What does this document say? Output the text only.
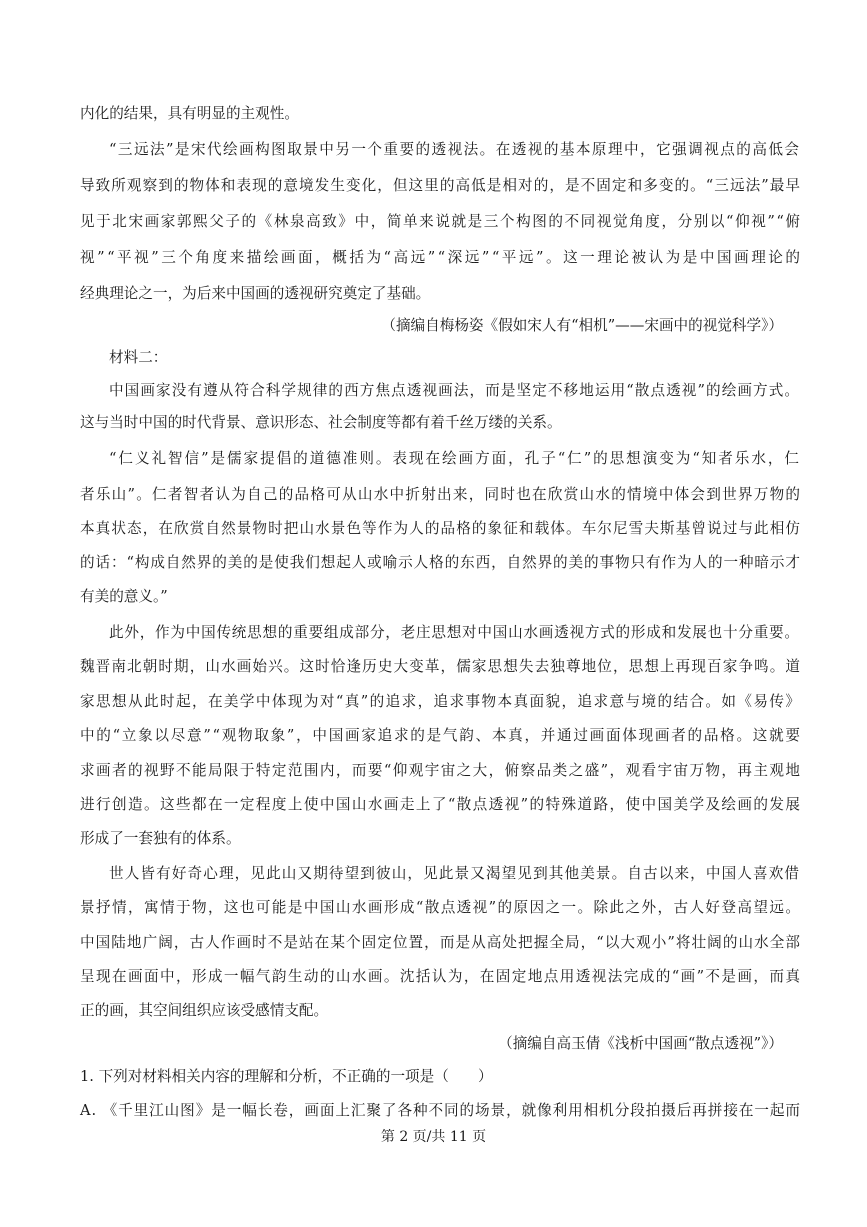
内化的结果，具有明显的主观性。
“三远法”是宋代绘画构图取景中另一个重要的透视法。在透视的基本原理中，它强调视点的高低会
导致所观察到的物体和表现的意境发生变化，但这里的高低是相对的，是不固定和多变的。“三远法”最早
见于北宋画家郭熙父子的《林泉高致》中，简单来说就是三个构图的不同视觉角度，分别以“仰视”“俯
视”“平视”三个角度来描绘画面，概括为“高远”“深远”“平远”。这一理论被认为是中国画理论的
经典理论之一，为后来中国画的透视研究奠定了基础。
（摘编自梅杨姿《假如宋人有“相机”——宋画中的视觉科学》）
材料二：
中国画家没有遵从符合科学规律的西方焦点透视画法，而是坚定不移地运用“散点透视”的绘画方式。
这与当时中国的时代背景、意识形态、社会制度等都有着千丝万缕的关系。
“仁义礼智信”是儒家提倡的道德准则。表现在绘画方面，孔子“仁”的思想演变为“知者乐水，仁
者乐山”。仁者智者认为自己的品格可从山水中折射出来，同时也在欣赏山水的情境中体会到世界万物的
本真状态，在欣赏自然景物时把山水景色等作为人的品格的象征和载体。车尔尼雪夫斯基曾说过与此相仿
的话：“构成自然界的美的是使我们想起人或喻示人格的东西，自然界的美的事物只有作为人的一种暗示才
有美的意义。”
此外，作为中国传统思想的重要组成部分，老庄思想对中国山水画透视方式的形成和发展也十分重要。
魏晋南北朝时期，山水画始兴。这时恰逢历史大变革，儒家思想失去独尊地位，思想上再现百家争鸣。道
家思想从此时起，在美学中体现为对“真”的追求，追求事物本真面貌，追求意与境的结合。如《易传》
中的“立象以尽意”“观物取象”，中国画家追求的是气韵、本真，并通过画面体现画者的品格。这就要
求画者的视野不能局限于特定范围内，而要“仰观宇宙之大，俯察品类之盛”，观看宇宙万物，再主观地
进行创造。这些都在一定程度上使中国山水画走上了“散点透视”的特殊道路，使中国美学及绘画的发展
形成了一套独有的体系。
世人皆有好奇心理，见此山又期待望到彼山，见此景又渴望见到其他美景。自古以来，中国人喜欢借
景抒情，寓情于物，这也可能是中国山水画形成“散点透视”的原因之一。除此之外，古人好登高望远。
中国陆地广阔，古人作画时不是站在某个固定位置，而是从高处把握全局，“以大观小”将壮阔的山水全部
呈现在画面中，形成一幅气韵生动的山水画。沈括认为，在固定地点用透视法完成的“画”不是画，而真
正的画，其空间组织应该受感情支配。
（摘编自高玉倩《浅析中国画“散点透视”》）
1. 下列对材料相关内容的理解和分析，不正确的一项是（　　）
A. 《千里江山图》是一幅长卷，画面上汇聚了各种不同的场景，就像利用相机分段拍摄后再拼接在一起而
第 2 页/共 11 页
